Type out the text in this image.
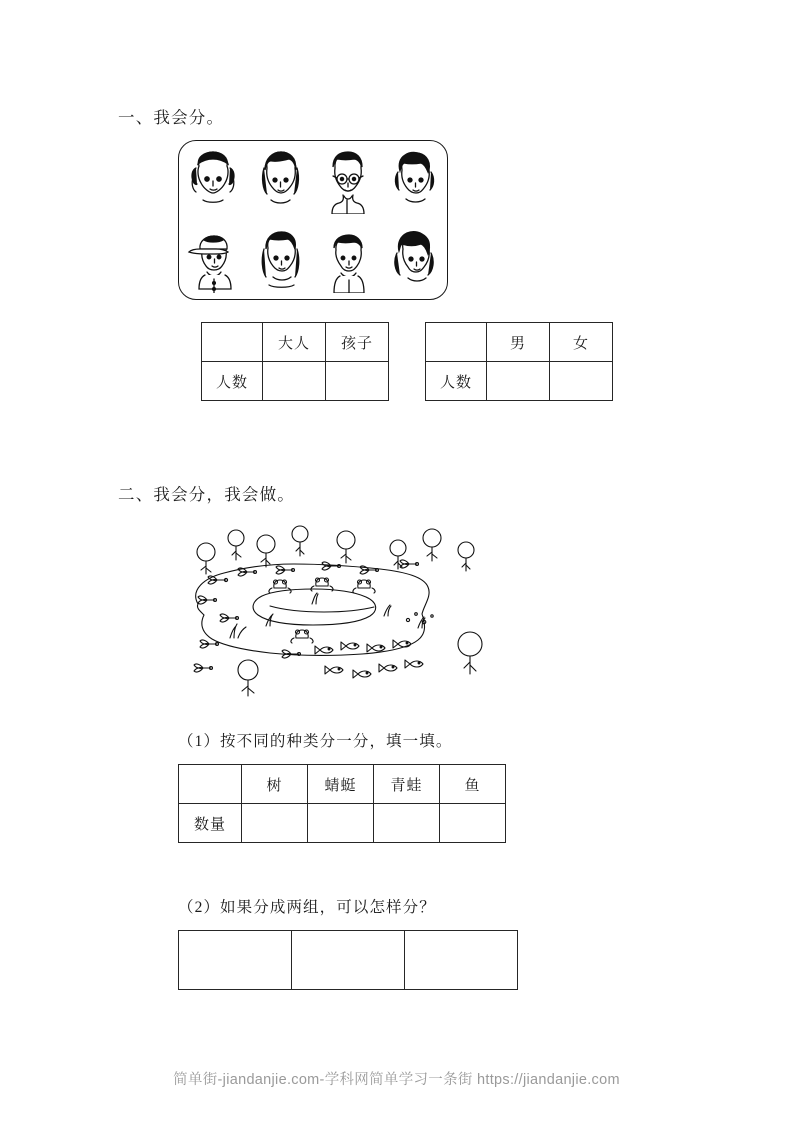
一、我会分。
	大人	孩子
人数		
	男	女
人数		
二、我会分，我会做。
（1）按不同的种类分一分，填一填。
	树	蜻蜓	青蛙	鱼
数量				
（2）如果分成两组，可以怎样分？

简单街-jiandanjie.com-学科网简单学习一条街 https://jiandanjie.com
